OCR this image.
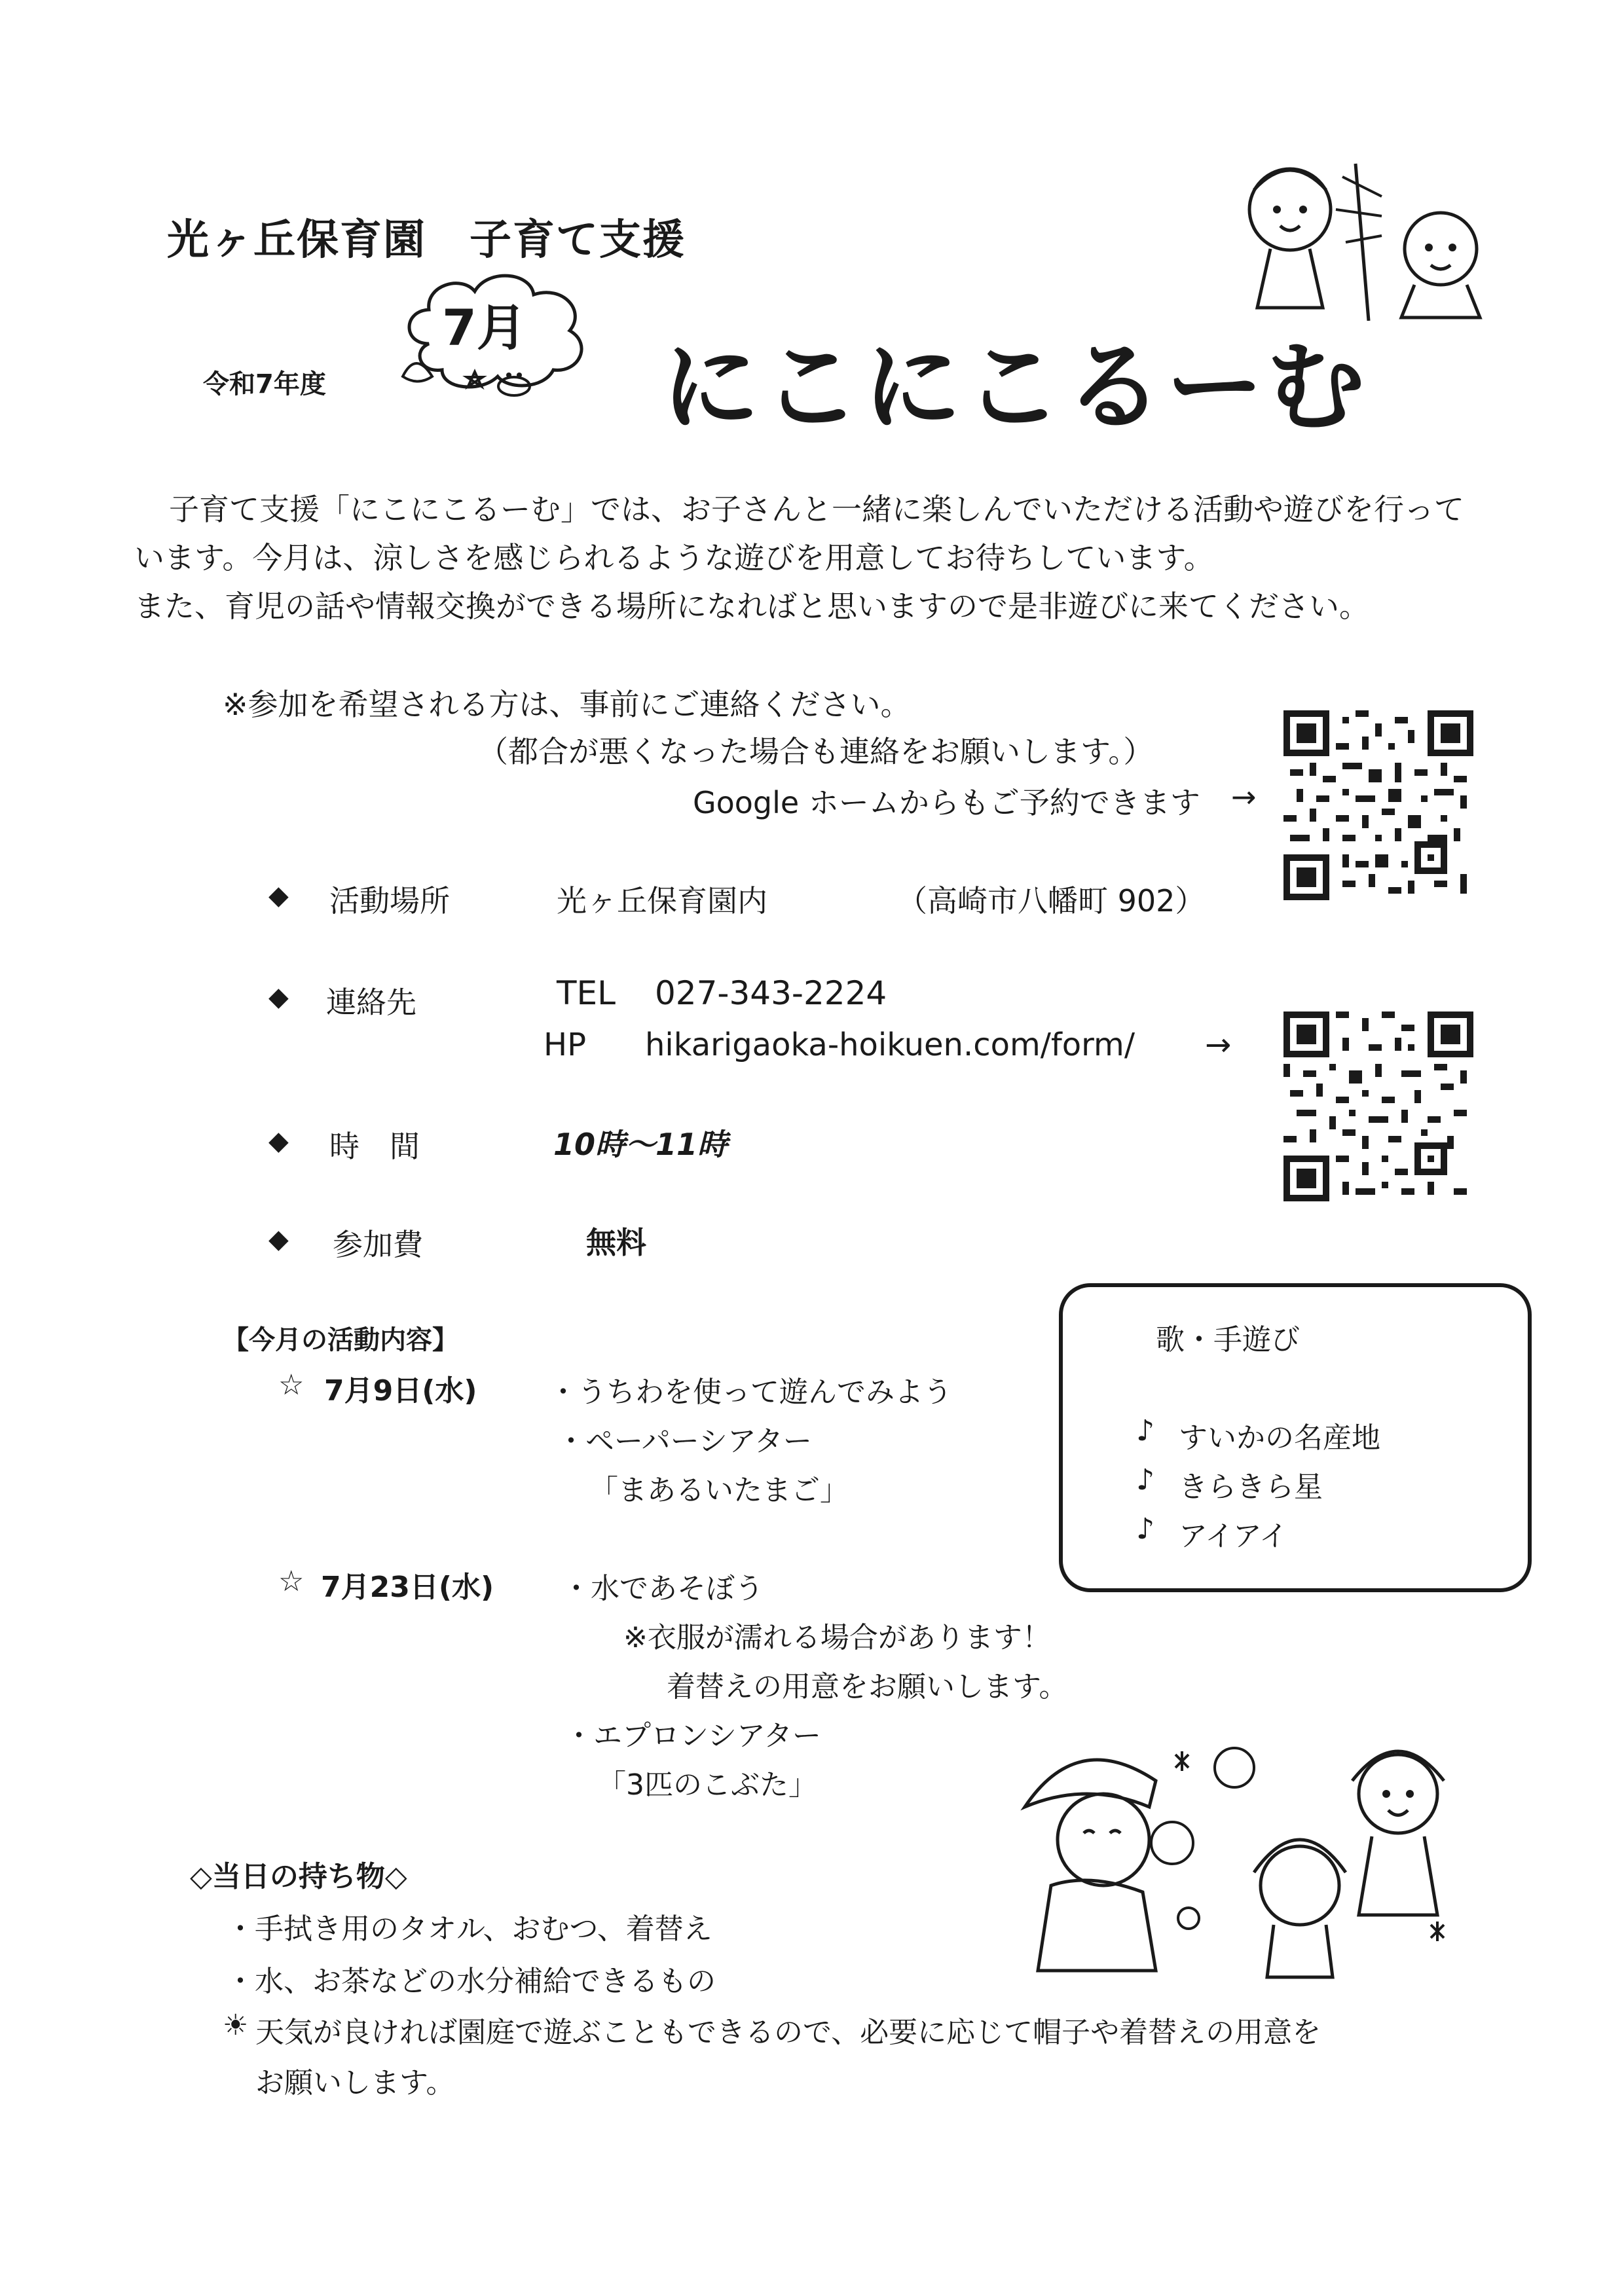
光ヶ丘保育園　子育て支援
7月
令和7年度	にこにこるーむ
子育て支援「にこにこるーむ」では、お子さんと一緒に楽しんでいただける活動や遊びを行って
います。今月は、涼しさを感じられるような遊びを用意してお待ちしています。
また、育児の話や情報交換ができる場所になればと思いますので是非遊びに来てください。
※参加を希望される方は、事前にご連絡ください。
（都合が悪くなった場合も連絡をお願いします。）
Google ホームからもご予約できます →
◆ 活動場所	光ヶ丘保育園内	（高崎市八幡町 902）
◆ 連絡先	TEL 027-343-2224
HP hikarigaoka-hoikuen.com/form/ →
◆ 時　間	10時～11時
◆ 参加費	無料
【今月の活動内容】
☆ 7月9日(水) ・うちわを使って遊んでみよう
・ペーパーシアター
「まあるいたまご」
☆ 7月23日(水) ・水であそぼう
※衣服が濡れる場合があります！
着替えの用意をお願いします。
・エプロンシアター
「3匹のこぶた」
歌・手遊び
♪ すいかの名産地
♪ きらきら星
♪ アイアイ
◇当日の持ち物◇
・手拭き用のタオル、おむつ、着替え
・水、お茶などの水分補給できるもの
☀ 天気が良ければ園庭で遊ぶこともできるので、必要に応じて帽子や着替えの用意を
お願いします。
